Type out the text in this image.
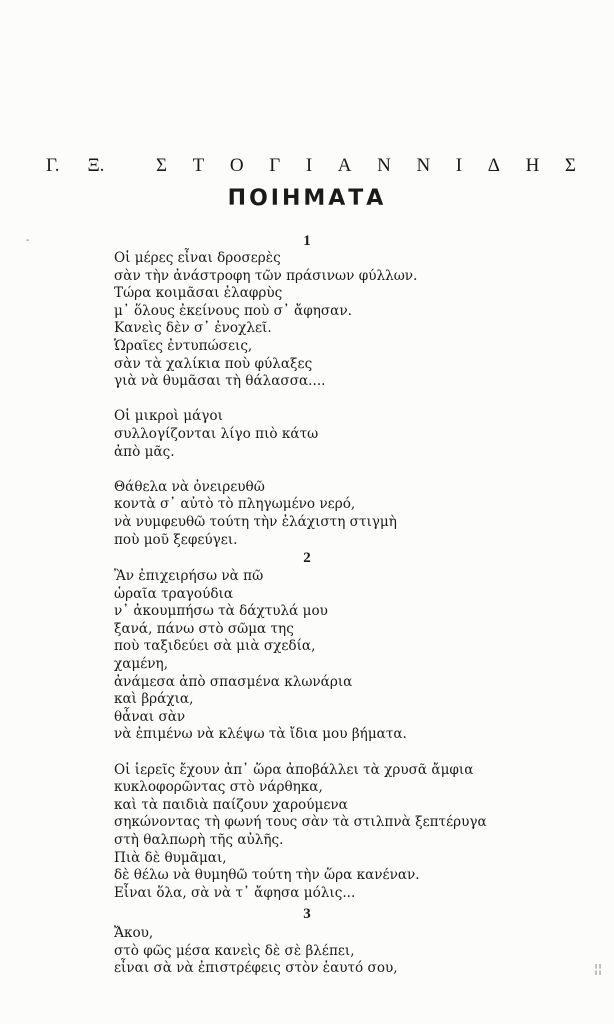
-
¦¦
Γ. Ξ.	Σ Τ Ο Γ Ι Α Ν Ν Ι Δ Η Σ
ΠΟΙΗΜΑΤΑ
1
Οἱ μέρες εἶναι δροσερὲς
σὰν τὴν ἀνάστροφη τῶν πράσινων φύλλων.
Τώρα κοιμᾶσαι ἐλαφρὺς
μ᾽ ὅλους ἐκείνους ποὺ σ᾽ ἄφησαν.
Κανεὶς δὲν σ᾽ ἐνοχλεῖ.
Ὡραῖες ἐντυπώσεις,
σὰν τὰ χαλίκια ποὺ φύλαξες
γιὰ νὰ θυμᾶσαι τὴ θάλασσα....
Οἱ μικροὶ μάγοι
συλλογίζονται λίγο πιὸ κάτω
ἀπὸ μᾶς.
Θάθελα νὰ ὀνειρευθῶ
κοντὰ σ᾽ αὐτὸ τὸ πληγωμένο νερό,
νὰ νυμφευθῶ τούτη τὴν ἐλάχιστη στιγμὴ
ποὺ μοῦ ξεφεύγει.
2
Ἂν ἐπιχειρήσω νὰ πῶ
ὡραῖα τραγούδια
ν᾽ ἀκουμπήσω τὰ δάχτυλά μου
ξανά, πάνω στὸ σῶμα της
ποὺ ταξιδεύει σὰ μιὰ σχεδία,
χαμένη,
ἀνάμεσα ἀπὸ σπασμένα κλωνάρια
καὶ βράχια,
θἆναι σὰν
νὰ ἐπιμένω νὰ κλέψω τὰ ἴδια μου βήματα.
Οἱ ἱερεῖς ἔχουν ἀπ᾽ ὥρα ἀποβάλλει τὰ χρυσᾶ ἄμφια
κυκλοφορῶντας στὸ νάρθηκα,
καὶ τὰ παιδιὰ παίζουν χαρούμενα
σηκώνοντας τὴ φωνή τους σὰν τὰ στιλπνὰ ξεπτέρυγα
στὴ θαλπωρὴ τῆς αὐλῆς.
Πιὰ δὲ θυμᾶμαι,
δὲ θέλω νὰ θυμηθῶ τούτη τὴν ὥρα κανέναν.
Εἶναι ὅλα, σὰ νὰ τ᾽ ἄφησα μόλις...
3
Ἄκου,
στὸ φῶς μέσα κανεὶς δὲ σὲ βλέπει,
εἶναι σὰ νὰ ἐπιστρέφεις στὸν ἑαυτό σου,
